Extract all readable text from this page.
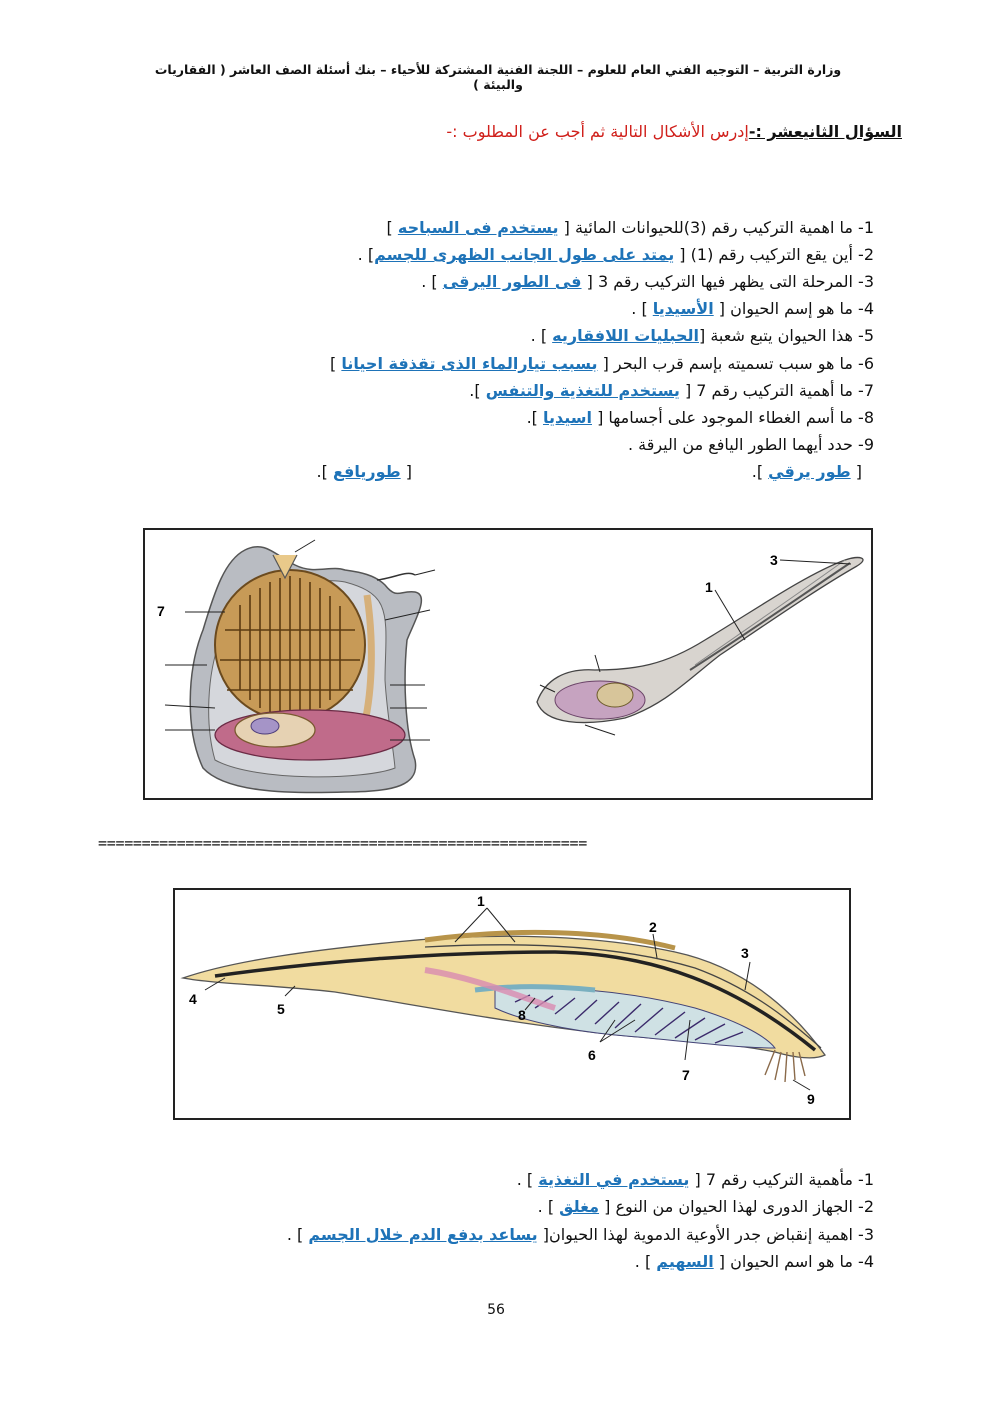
وزارة التربية – التوجيه الفني العام للعلوم – اللجنة الفنية المشتركة للأحياء – بنك أسئلة الصف العاشر ( الفقاريات والبيئة )
السؤال الثانيعشر :-إدرس الأشكال التالية ثم أجب عن المطلوب :-
1- ما اهمية التركيب رقم (3)للحيوانات المائية [ يستخدم فى السباحه ]
2- أين يقع التركيب رقم (1) [ يمتد على طول الجانب الظهرى للجسم] .
3- المرحلة التى يظهر فيها التركيب رقم 3 [ فى الطور اليرقى ] .
4- ما هو إسم الحيوان [ الأسيديا ] .
5- هذا الحيوان يتبع شعبة [الحبليات اللافقاريه ] .
6- ما هو سبب تسميته بإسم قرب البحر [ بسبب تيارالماء الذى تقذفة احيانا ]
7- ما أهمية التركيب رقم 7 [ يستخدم للتغذية والتنفس ].
8- ما أسم الغطاء الموجود على أجسامها [ اسيديا ].
9- حدد أيهما الطور اليافع من اليرقة .
[ طور يرقي ].
[ طوريافع ].
7
3
1
========================================================
1
2
3
4
5
6
7
8
9
1- مأهمية التركيب رقم 7 [ يستخدم في التغذية ] .
2- الجهاز الدورى لهذا الحيوان من النوع [ مغلق ] .
3- اهمية إنقباض جدر الأوعية الدموية لهذا الحيوان[ يساعد بدفع الدم خلال الجسم ] .
4- ما هو اسم الحيوان [ السهيم ] .
56
